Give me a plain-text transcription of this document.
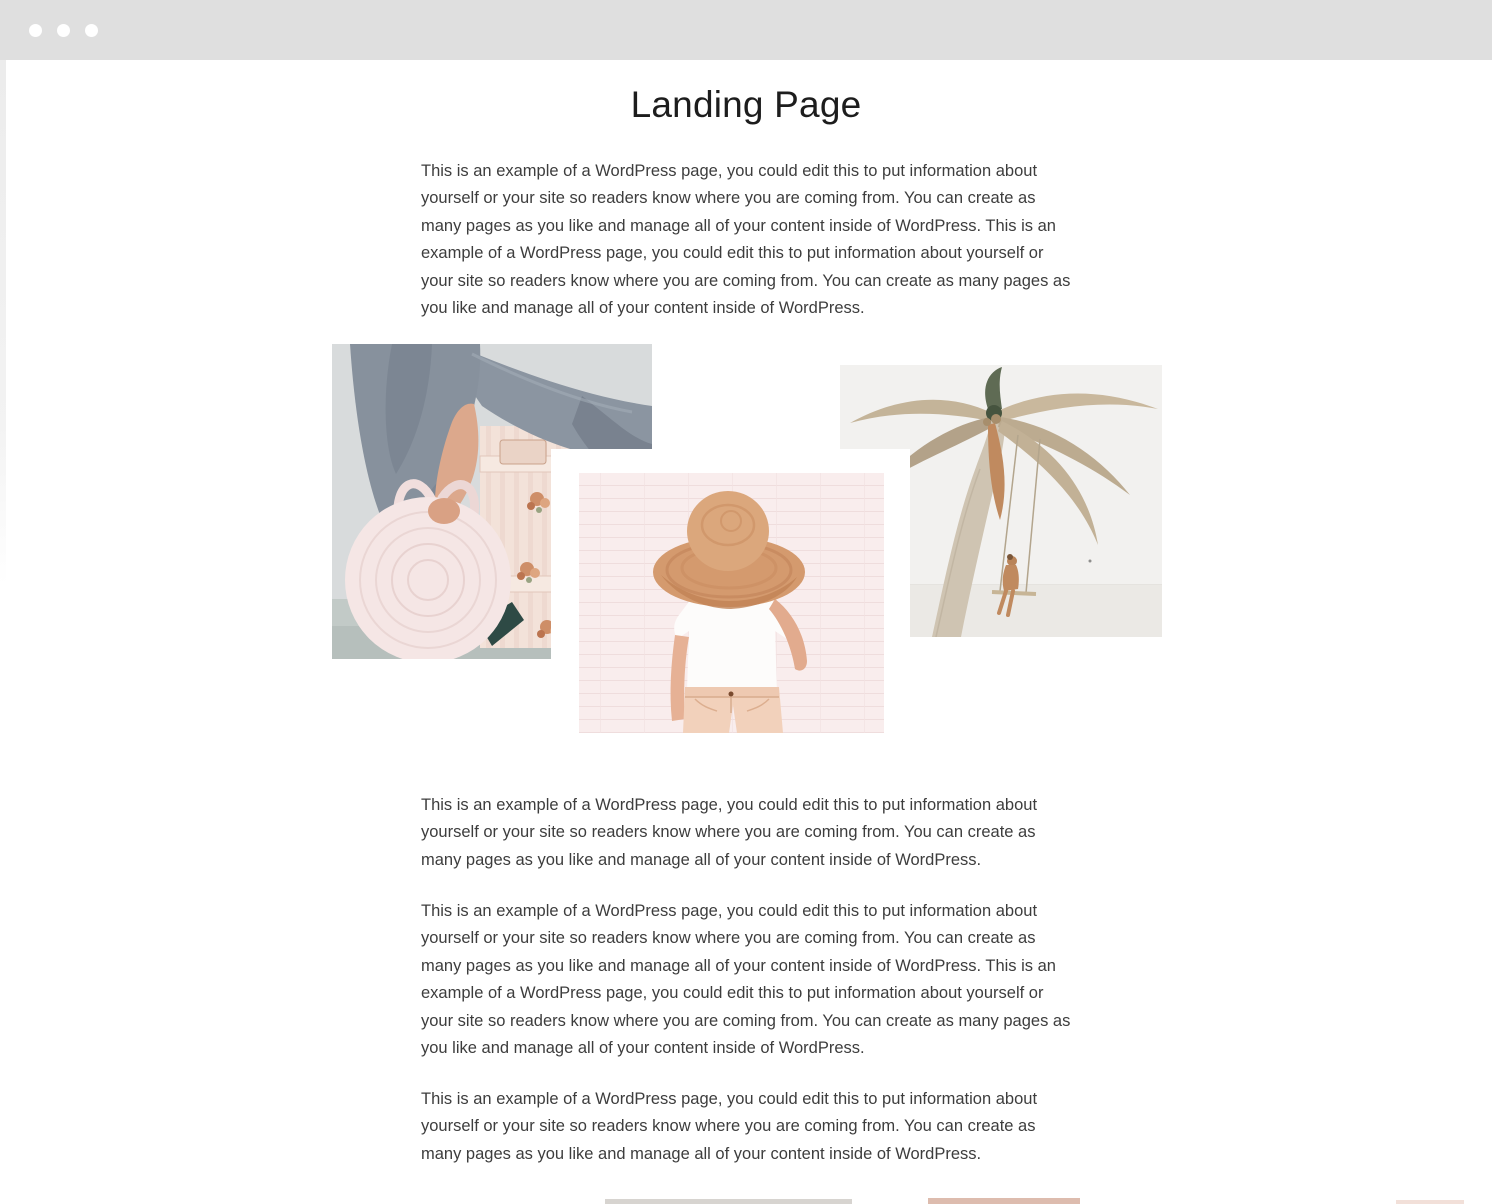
Landing Page

This is an example of a WordPress page, you could edit this to put information about yourself or your site so readers know where you are coming from. You can create as many pages as you like and manage all of your content inside of WordPress. This is an example of a WordPress page, you could edit this to put information about yourself or your site so readers know where you are coming from. You can create as many pages as you like and manage all of your content inside of WordPress.

This is an example of a WordPress page, you could edit this to put information about yourself or your site so readers know where you are coming from. You can create as many pages as you like and manage all of your content inside of WordPress.

This is an example of a WordPress page, you could edit this to put information about yourself or your site so readers know where you are coming from. You can create as many pages as you like and manage all of your content inside of WordPress. This is an example of a WordPress page, you could edit this to put information about yourself or your site so readers know where you are coming from. You can create as many pages as you like and manage all of your content inside of WordPress.

This is an example of a WordPress page, you could edit this to put information about yourself or your site so readers know where you are coming from. You can create as many pages as you like and manage all of your content inside of WordPress.
